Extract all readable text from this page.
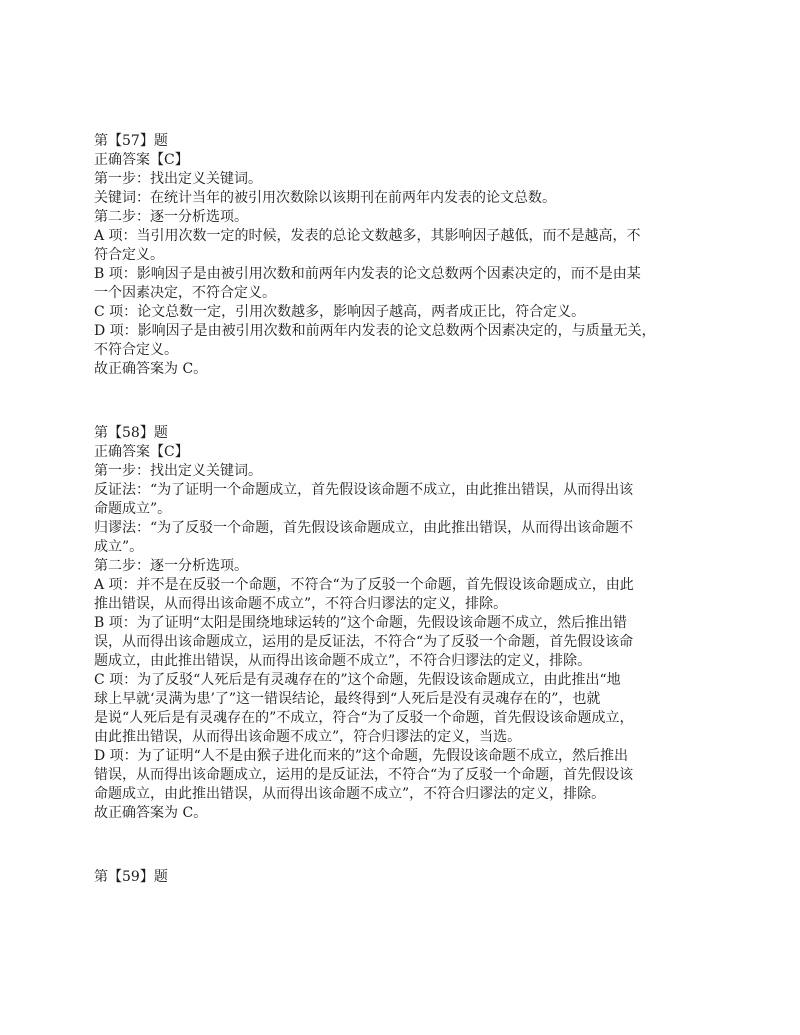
第【57】题
正确答案【C】
第一步：找出定义关键词。
关键词：在统计当年的被引用次数除以该期刊在前两年内发表的论文总数。
第二步：逐一分析选项。
A 项：当引用次数一定的时候，发表的总论文数越多，其影响因子越低，而不是越高，不
符合定义。
B 项：影响因子是由被引用次数和前两年内发表的论文总数两个因素决定的，而不是由某
一个因素决定，不符合定义。
C 项：论文总数一定，引用次数越多，影响因子越高，两者成正比，符合定义。
D 项：影响因子是由被引用次数和前两年内发表的论文总数两个因素决定的，与质量无关，
不符合定义。
故正确答案为 C。
第【58】题
正确答案【C】
第一步：找出定义关键词。
反证法：“为了证明一个命题成立，首先假设该命题不成立，由此推出错误，从而得出该
命题成立”。
归谬法：“为了反驳一个命题，首先假设该命题成立，由此推出错误，从而得出该命题不
成立”。
第二步：逐一分析选项。
A 项：并不是在反驳一个命题，不符合“为了反驳一个命题，首先假设该命题成立，由此
推出错误，从而得出该命题不成立”，不符合归谬法的定义，排除。
B 项：为了证明“太阳是围绕地球运转的”这个命题，先假设该命题不成立，然后推出错
误，从而得出该命题成立，运用的是反证法，不符合“为了反驳一个命题，首先假设该命
题成立，由此推出错误，从而得出该命题不成立”，不符合归谬法的定义，排除。
C 项：为了反驳“人死后是有灵魂存在的”这个命题，先假设该命题成立，由此推出“地
球上早就‘灵满为患’了”这一错误结论，最终得到“人死后是没有灵魂存在的”，也就
是说“人死后是有灵魂存在的”不成立，符合“为了反驳一个命题，首先假设该命题成立，
由此推出错误，从而得出该命题不成立”，符合归谬法的定义，当选。
D 项：为了证明“人不是由猴子进化而来的”这个命题，先假设该命题不成立，然后推出
错误，从而得出该命题成立，运用的是反证法，不符合“为了反驳一个命题，首先假设该
命题成立，由此推出错误，从而得出该命题不成立”，不符合归谬法的定义，排除。
故正确答案为 C。
第【59】题
